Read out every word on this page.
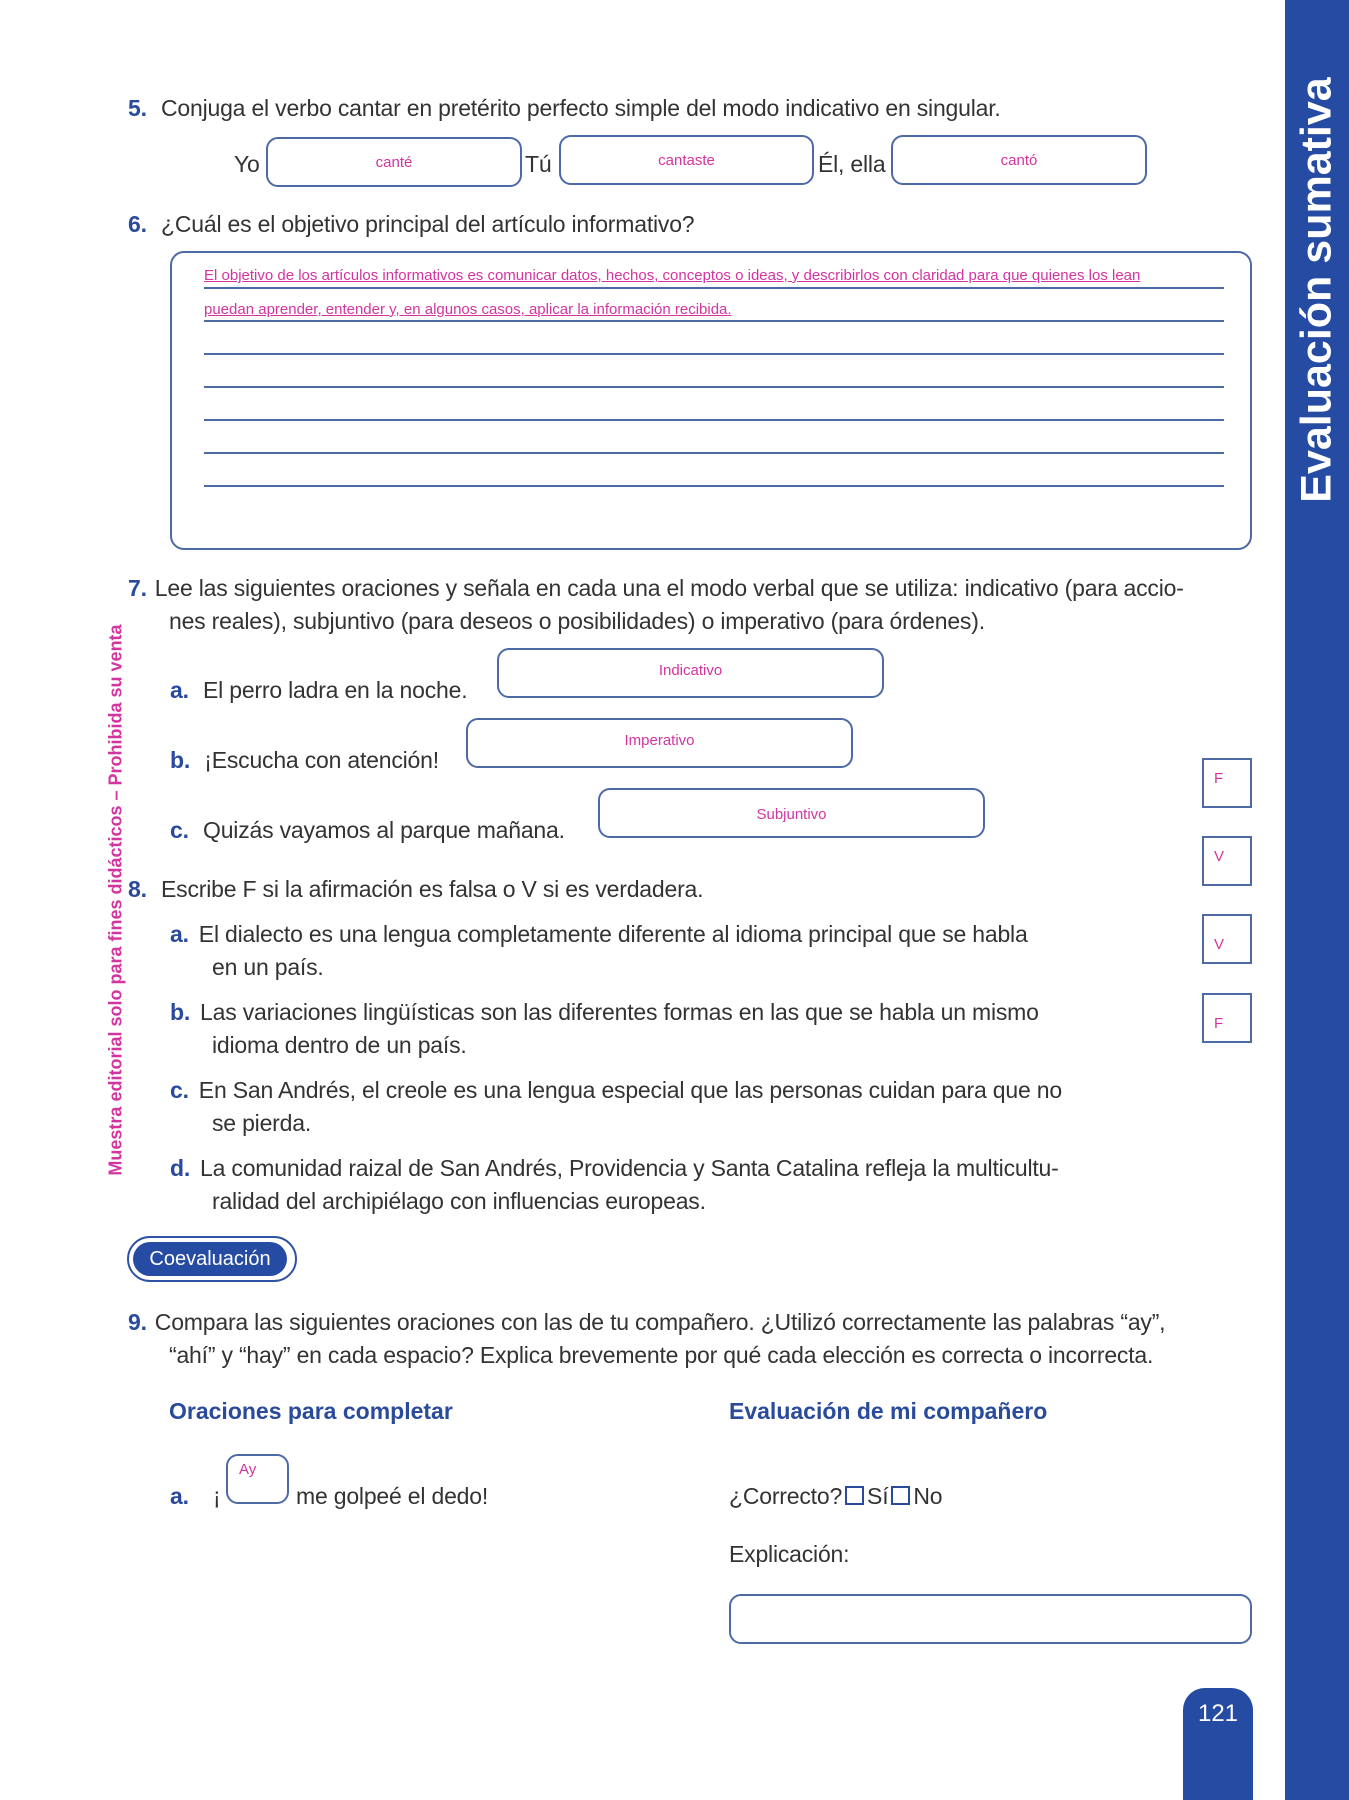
Evaluación sumativa
Muestra editorial solo para fines didácticos – Prohibida su venta
5. Conjuga el verbo cantar en pretérito perfecto simple del modo indicativo en singular.
Yo	canté	Tú	cantaste	Él, ella	cantó
6. ¿Cuál es el objetivo principal del artículo informativo?
El objetivo de los artículos informativos es comunicar datos, hechos, conceptos o ideas, y describirlos con claridad para que quienes los lean
puedan aprender, entender y, en algunos casos, aplicar la información recibida.
7. Lee las siguientes oraciones y señala en cada una el modo verbal que se utiliza: indicativo (para accio-
nes reales), subjuntivo (para deseos o posibilidades) o imperativo (para órdenes).
a. El perro ladra en la noche.
Indicativo
b. ¡Escucha con atención!
Imperativo
c. Quizás vayamos al parque mañana.
Subjuntivo
8. Escribe F si la afirmación es falsa o V si es verdadera.
a. El dialecto es una lengua completamente diferente al idioma principal que se habla
en un país.
b. Las variaciones lingüísticas son las diferentes formas en las que se habla un mismo
idioma dentro de un país.
c. En San Andrés, el creole es una lengua especial que las personas cuidan para que no
se pierda.
d. La comunidad raizal de San Andrés, Providencia y Santa Catalina refleja la multicultu-
ralidad del archipiélago con influencias europeas.
F
V
V
F
Coevaluación
9. Compara las siguientes oraciones con las de tu compañero. ¿Utilizó correctamente las palabras “ay”,
“ahí” y “hay” en cada espacio? Explica brevemente por qué cada elección es correcta o incorrecta.
Oraciones para completar	Evaluación de mi compañero
a. ¡
Ay
me golpeé el dedo!	¿Correcto? Sí No
Explicación:
121
